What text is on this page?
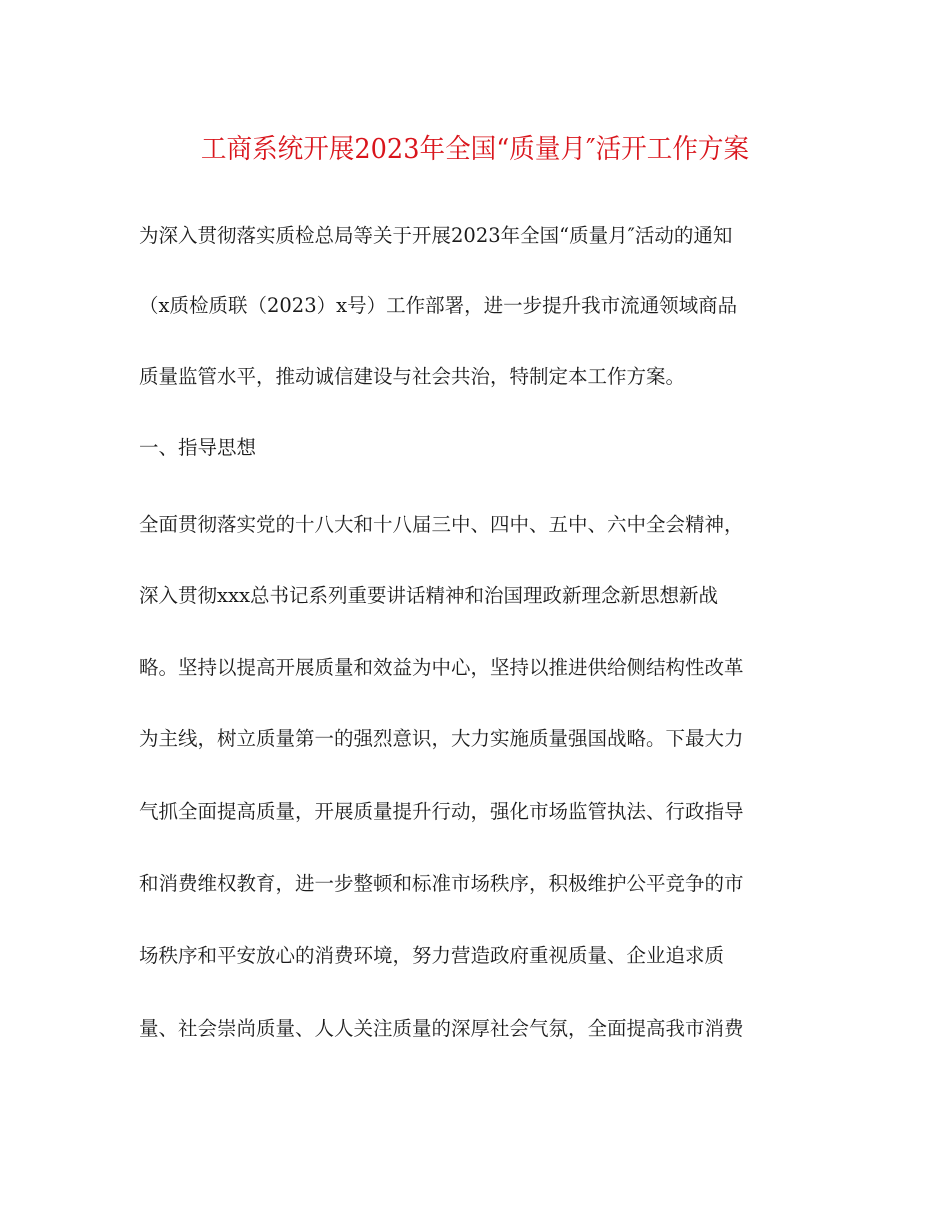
工商系统开展2023年全国“质量月″活开工作方案
为深入贯彻落实质检总局等关于开展2023年全国“质量月″活动的通知
（x质检质联（2023）x号）工作部署，进一步提升我市流通领域商品
质量监管水平，推动诚信建设与社会共治，特制定本工作方案。
一、指导思想
全面贯彻落实党的十八大和十八届三中、四中、五中、六中全会精神，
深入贯彻xxx总书记系列重要讲话精神和治国理政新理念新思想新战
略。坚持以提高开展质量和效益为中心，坚持以推进供给侧结构性改革
为主线，树立质量第一的强烈意识，大力实施质量强国战略。下最大力
气抓全面提高质量，开展质量提升行动，强化市场监管执法、行政指导
和消费维权教育，进一步整顿和标准市场秩序，积极维护公平竞争的市
场秩序和平安放心的消费环境，努力营造政府重视质量、企业追求质
量、社会崇尚质量、人人关注质量的深厚社会气氛，全面提高我市消费
